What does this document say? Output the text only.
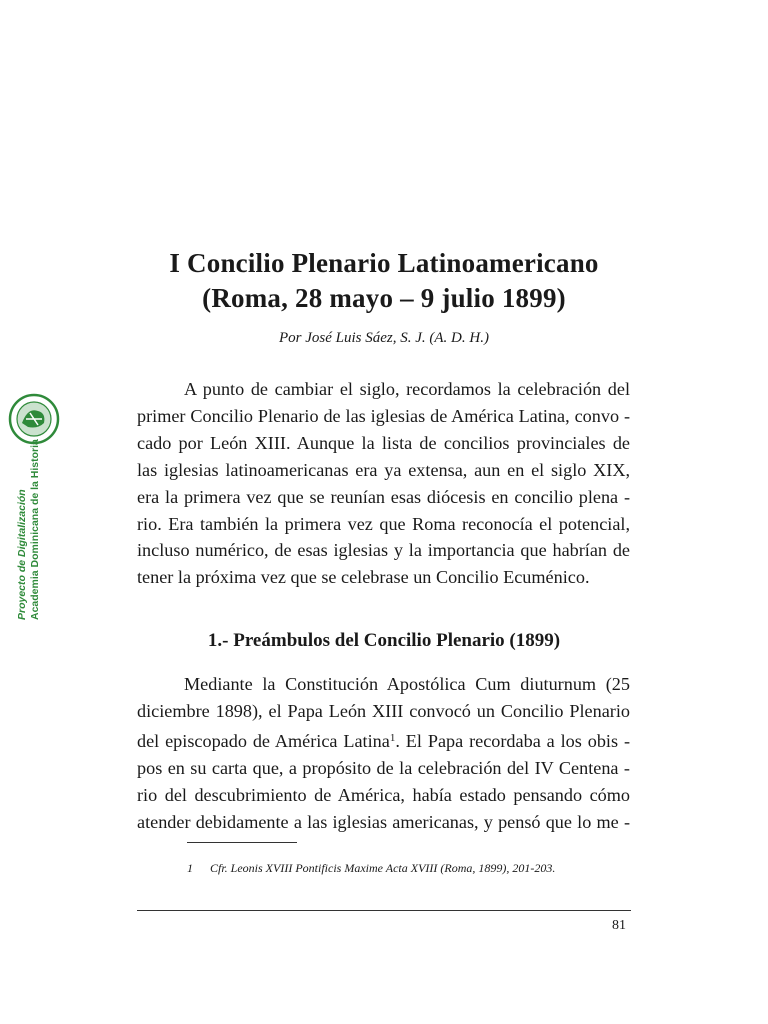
I Concilio Plenario Latinoamericano
(Roma, 28 mayo – 9 julio 1899)
Por José Luis Sáez, S. J. (A. D. H.)
A punto de cambiar el siglo, recordamos la celebración del
primer Concilio Plenario de las iglesias de América Latina, convo -
cado por León XIII. Aunque la lista de concilios provinciales de
las iglesias latinoamericanas era ya extensa, aun en el siglo XIX,
era la primera vez que se reunían esas diócesis en concilio plena -
rio. Era también la primera vez que Roma reconocía el potencial,
incluso numérico, de esas iglesias y la importancia que habrían de
tener la próxima vez que se celebrase un Concilio Ecuménico.
1.- Preámbulos del Concilio Plenario (1899)
Mediante la Constitución Apostólica Cum diuturnum (25
diciembre 1898), el Papa León XIII convocó un Concilio Plenario
del episcopado de América Latina$^1$. El Papa recordaba a los obis -
pos en su carta que, a propósito de la celebración del IV Centena -
rio del descubrimiento de América, había estado pensando cómo
atender debidamente a las iglesias americanas, y pensó que lo me -
1 Cfr. Leonis XVIII Pontificis Maxime Acta XVIII (Roma, 1899), 201-203.
81
Proyecto de Digitalización Academia Dominicana de la Historia
